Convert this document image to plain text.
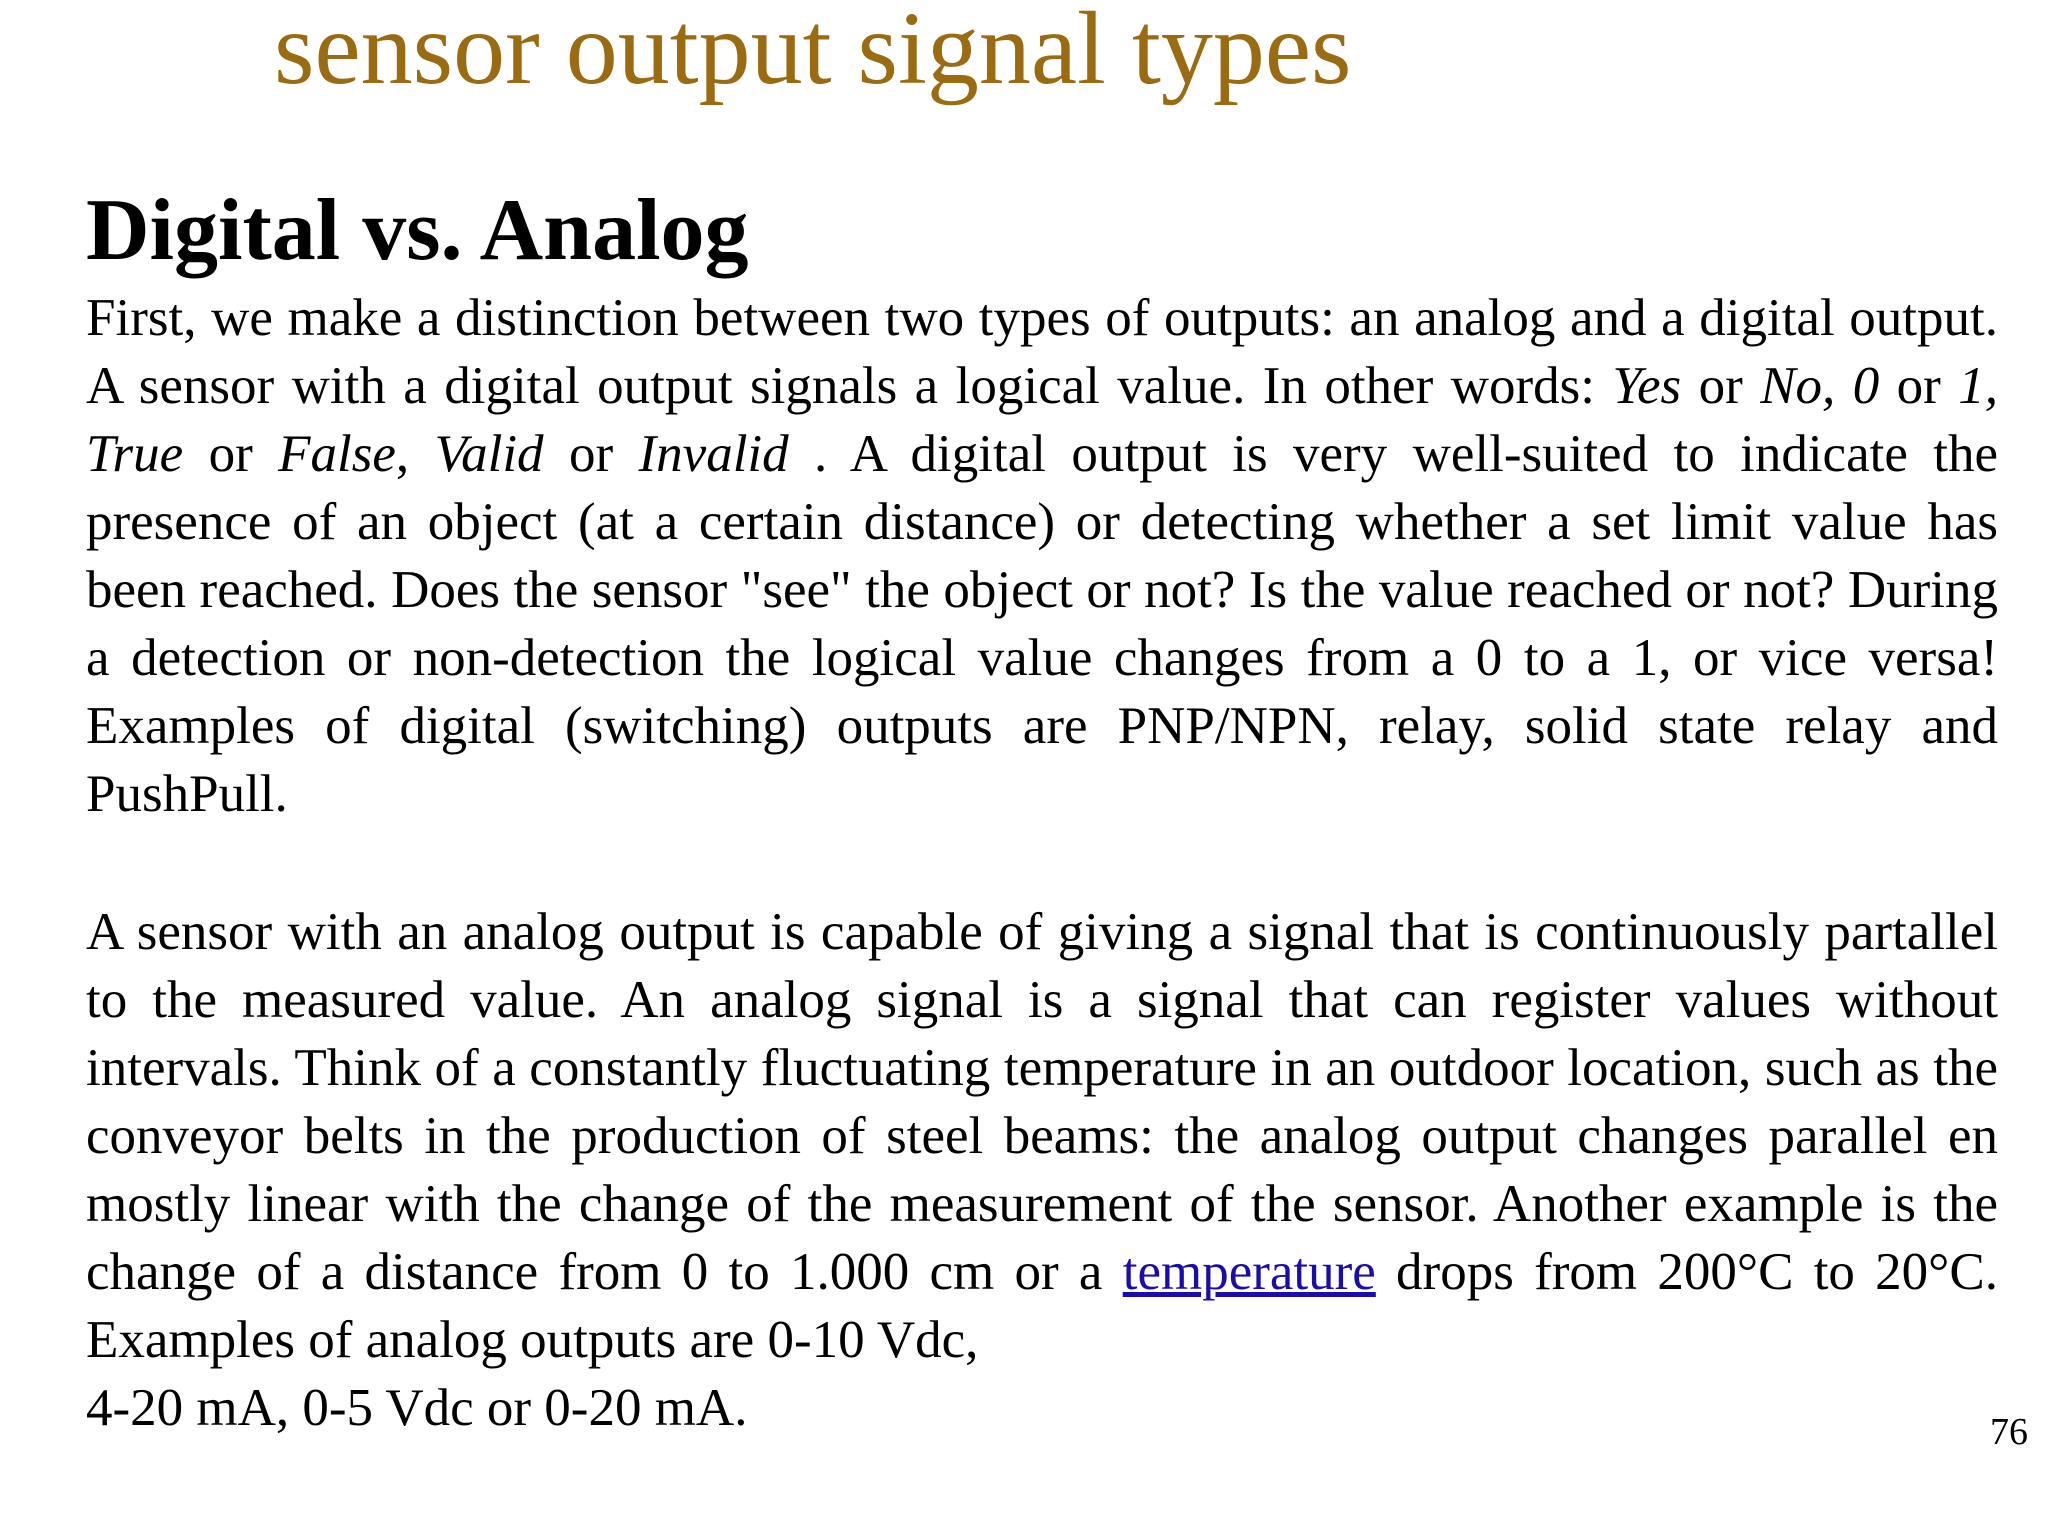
sensor output signal types
Digital vs. Analog

First, we make a distinction between two types of outputs: an analog and a digital output. A sensor with a digital output signals a logical value. In other words: Yes or No, 0 or 1, True or False, Valid or Invalid . A digital output is very well-suited to indicate the presence of an object (at a certain distance) or detecting whether a set limit value has been reached. Does the sensor "see" the object or not? Is the value reached or not? During a detection or non-detection the logical value changes from a 0 to a 1, or vice versa! Examples of digital (switching) outputs are PNP/NPN, relay, solid state relay and PushPull.

A sensor with an analog output is capable of giving a signal that is continuously partallel to the measured value. An analog signal is a signal that can register values without intervals. Think of a constantly fluctuating temperature in an outdoor location, such as the conveyor belts in the production of steel beams: the analog output changes parallel en mostly linear with the change of the measurement of the sensor. Another example is the change of a distance from 0 to 1.000 cm or a temperature drops from 200°C to 20°C. Examples of analog outputs are 0-10 Vdc,
4-20 mA, 0-5 Vdc or 0-20 mA.	76
